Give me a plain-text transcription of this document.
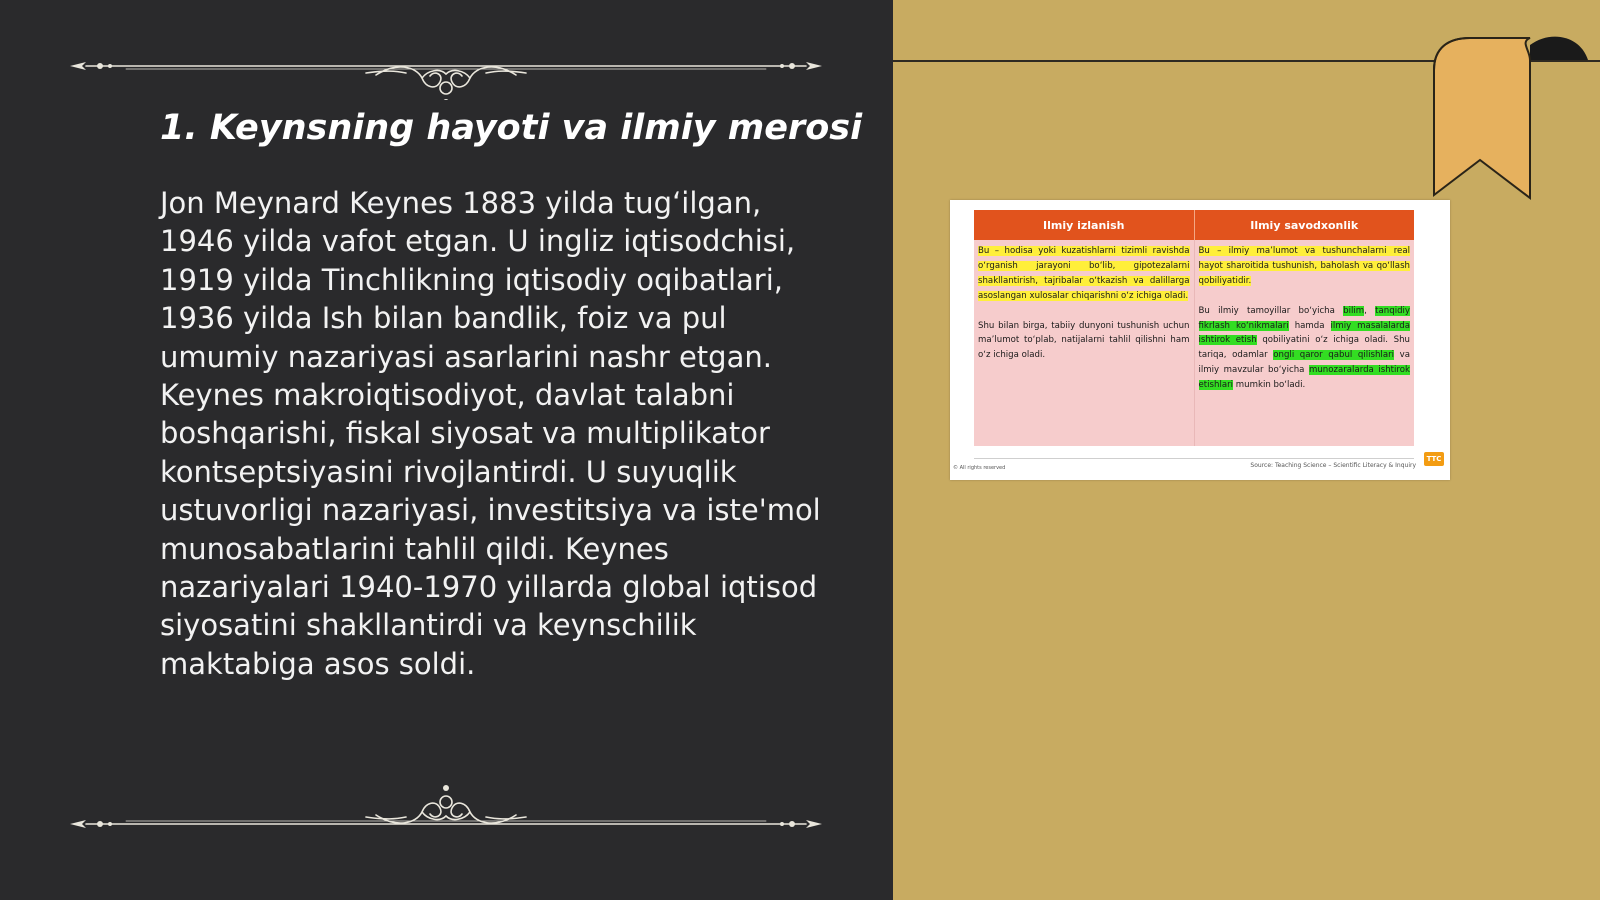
1. Keynsning hayoti va ilmiy merosi

Jon Meynard Keynes 1883 yilda tug‘ilgan, 1946 yilda vafot etgan. U ingliz iqtisodchisi, 1919 yilda Tinchlikning iqtisodiy oqibatlari, 1936 yilda Ish bilan bandlik, foiz va pul umumiy nazariyasi asarlarini nashr etgan. Keynes makroiqtisodiyot, davlat talabni boshqarishi, fiskal siyosat va multiplikator kontseptsiyasini rivojlantirdi. U suyuqlik ustuvorligi nazariyasi, investitsiya va iste'mol munosabatlarini tahlil qildi. Keynes nazariyalari 1940-1970 yillarda global iqtisod siyosatini shakllantirdi va keynschilik maktabiga asos soldi.

Ilmiy izlanish	Ilmiy savodxonlik

Bu – hodisa yoki kuzatishlarni tizimli ravishda o‘rganish jarayoni bo‘lib, gipotezalarni shakllantirish, tajribalar o‘tkazish va dalillarga asoslangan xulosalar chiqarishni o‘z ichiga oladi.

Shu bilan birga, tabiiy dunyoni tushunish uchun ma’lumot to‘plab, natijalarni tahlil qilishni ham o‘z ichiga oladi.

Bu – ilmiy ma’lumot va tushunchalarni real hayot sharoitida tushunish, baholash va qo‘llash qobiliyatidir.

Bu ilmiy tamoyillar bo‘yicha bilim, tanqidiy fikrlash ko‘nikmalari hamda ilmiy masalalarda ishtirok etish qobiliyatini o‘z ichiga oladi. Shu tariqa, odamlar ongli qaror qabul qilishlari va ilmiy mavzular bo‘yicha munozaralarda ishtirok etishlari mumkin bo‘ladi.

© All rights reserved	Source: Teaching Science – Scientific Literacy & Inquiry
TTC
